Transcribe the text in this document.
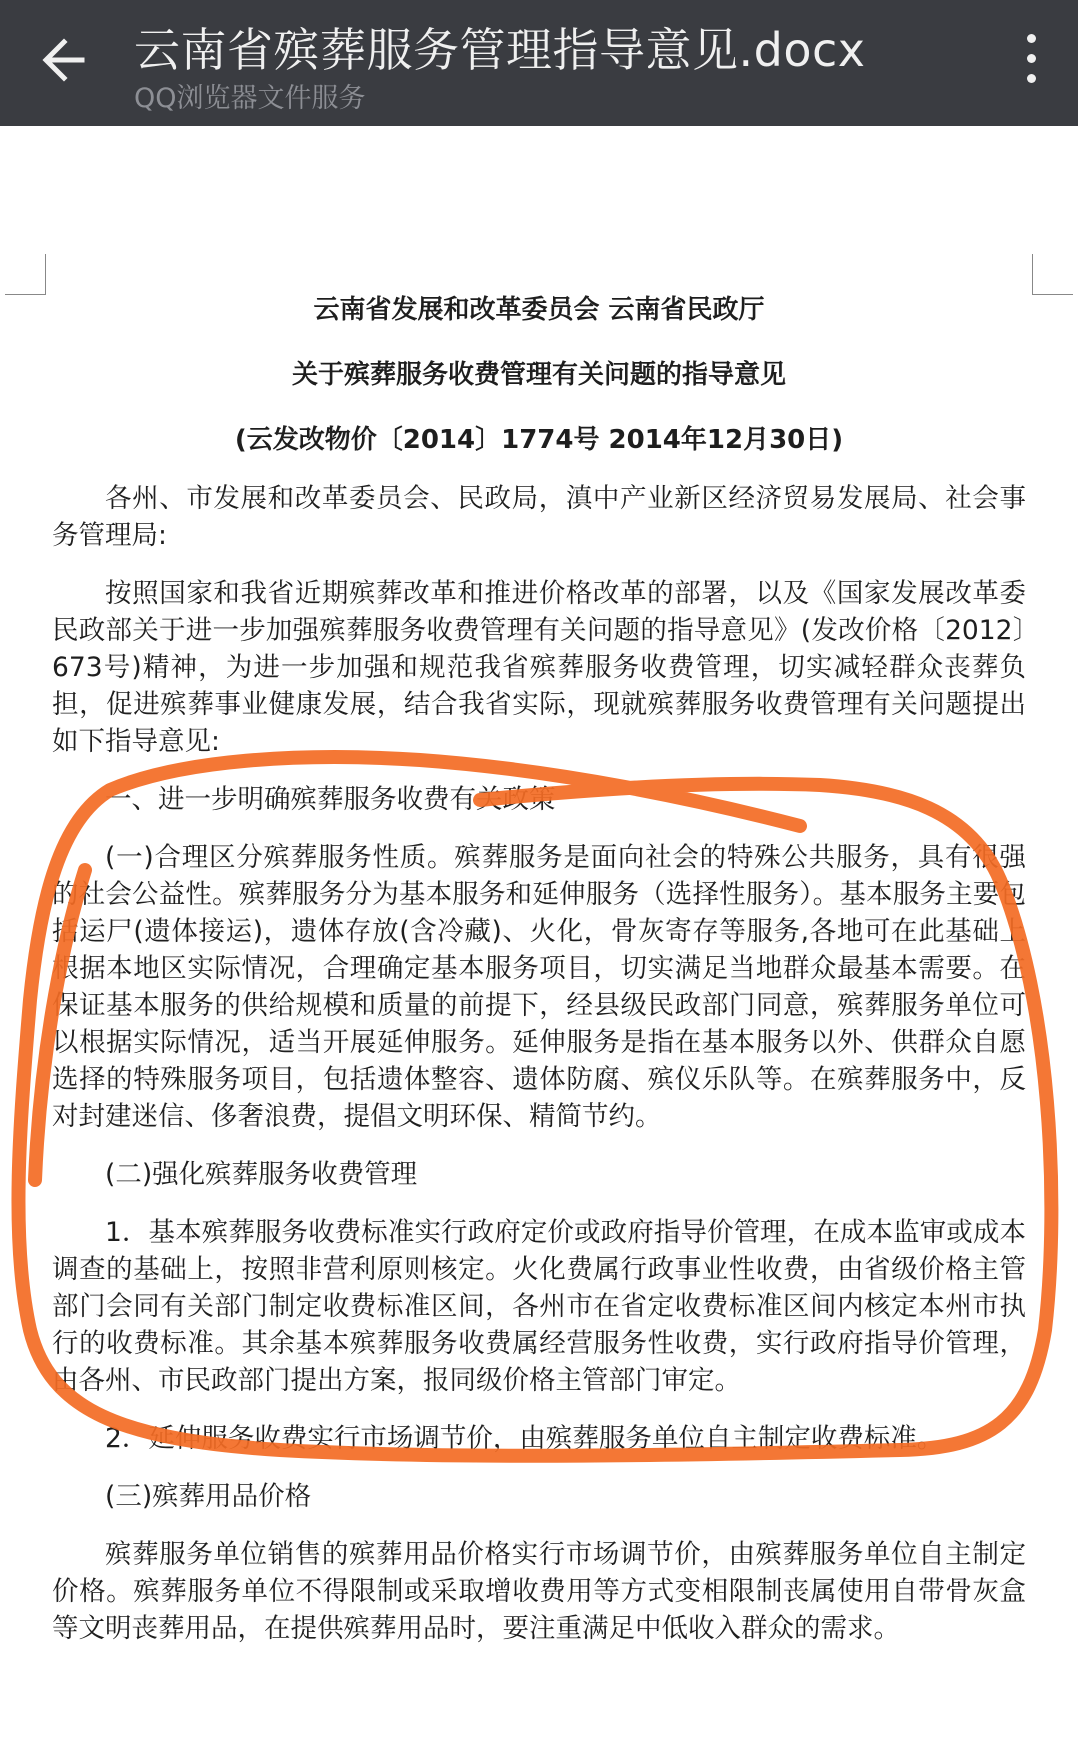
云南省殡葬服务管理指导意见.docx
QQ浏览器文件服务
云南省发展和改革委员会 云南省民政厅
关于殡葬服务收费管理有关问题的指导意见
(云发改物价〔2014〕1774号 2014年12月30日)

各州、市发展和改革委员会、民政局，滇中产业新区经济贸易发展局、社会事务管理局:

按照国家和我省近期殡葬改革和推进价格改革的部署，以及《国家发展改革委 民政部关于进一步加强殡葬服务收费管理有关问题的指导意见》(发改价格〔2012〕673号)精神，为进一步加强和规范我省殡葬服务收费管理，切实减轻群众丧葬负担，促进殡葬事业健康发展，结合我省实际，现就殡葬服务收费管理有关问题提出如下指导意见:

一、进一步明确殡葬服务收费有关政策

(一)合理区分殡葬服务性质。殡葬服务是面向社会的特殊公共服务，具有很强的社会公益性。殡葬服务分为基本服务和延伸服务（选择性服务）。基本服务主要包括运尸(遗体接运)，遗体存放(含冷藏)、火化，骨灰寄存等服务,各地可在此基础上根据本地区实际情况，合理确定基本服务项目，切实满足当地群众最基本需要。在保证基本服务的供给规模和质量的前提下，经县级民政部门同意，殡葬服务单位可以根据实际情况，适当开展延伸服务。延伸服务是指在基本服务以外、供群众自愿选择的特殊服务项目，包括遗体整容、遗体防腐、殡仪乐队等。在殡葬服务中，反对封建迷信、侈奢浪费，提倡文明环保、精简节约。

(二)强化殡葬服务收费管理

1．基本殡葬服务收费标准实行政府定价或政府指导价管理，在成本监审或成本调查的基础上，按照非营利原则核定。火化费属行政事业性收费，由省级价格主管部门会同有关部门制定收费标准区间，各州市在省定收费标准区间内核定本州市执行的收费标准。其余基本殡葬服务收费属经营服务性收费，实行政府指导价管理，由各州、市民政部门提出方案，报同级价格主管部门审定。

2．延伸服务收费实行市场调节价，由殡葬服务单位自主制定收费标准。

(三)殡葬用品价格

殡葬服务单位销售的殡葬用品价格实行市场调节价，由殡葬服务单位自主制定价格。殡葬服务单位不得限制或采取增收费用等方式变相限制丧属使用自带骨灰盒等文明丧葬用品，在提供殡葬用品时，要注重满足中低收入群众的需求。
